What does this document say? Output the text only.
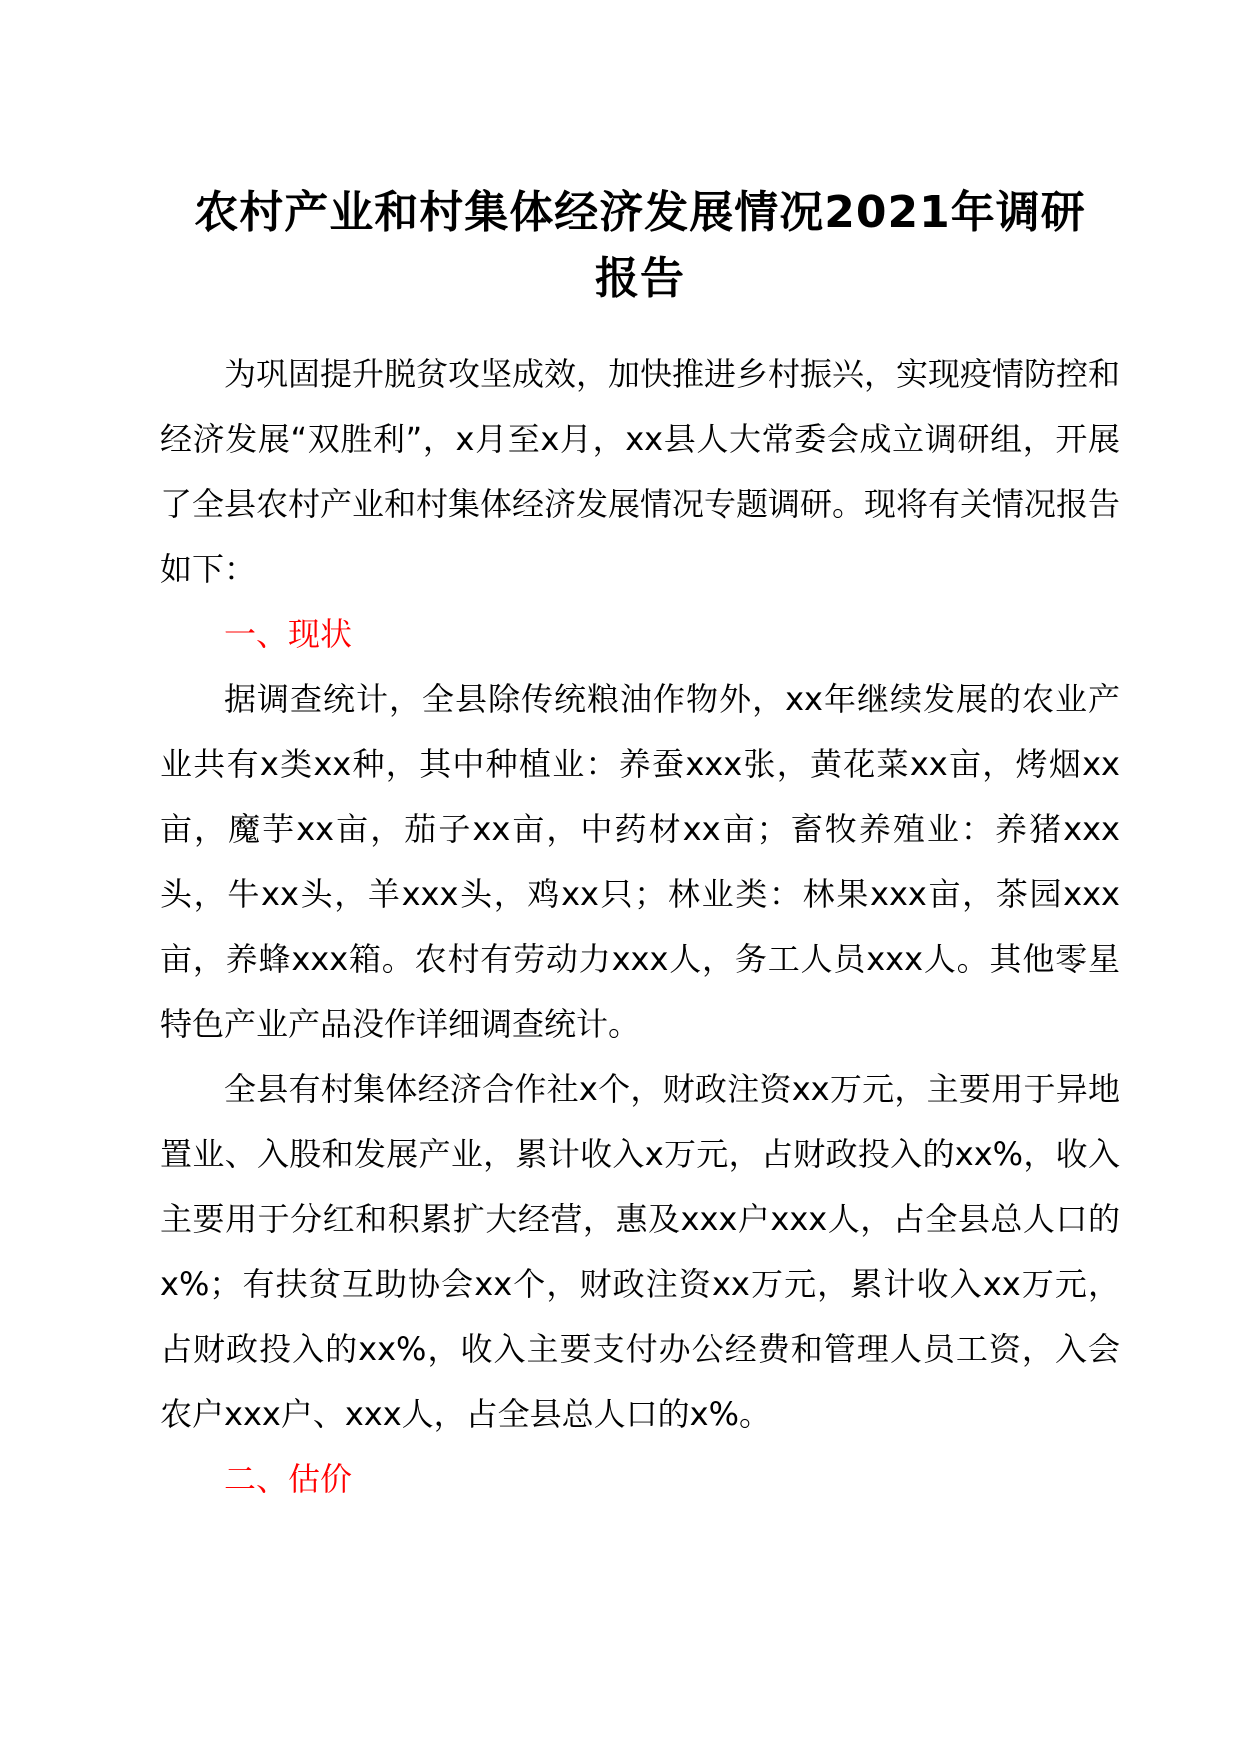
农村产业和村集体经济发展情况2021年调研
报告

为巩固提升脱贫攻坚成效，加快推进乡村振兴，实现疫情防控和经济发展“双胜利”，x月至x月，xx县人大常委会成立调研组，开展了全县农村产业和村集体经济发展情况专题调研。现将有关情况报告如下：

一、现状

据调查统计，全县除传统粮油作物外，xx年继续发展的农业产业共有x类xx种，其中种植业：养蚕xxx张，黄花菜xx亩，烤烟xx亩，魔芋xx亩，茄子xx亩，中药材xx亩；畜牧养殖业：养猪xxx头，牛xx头，羊xxx头，鸡xx只；林业类：林果xxx亩，茶园xxx亩，养蜂xxx箱。农村有劳动力xxx人，务工人员xxx人。其他零星特色产业产品没作详细调查统计。

全县有村集体经济合作社x个，财政注资xx万元，主要用于异地置业、入股和发展产业，累计收入x万元，占财政投入的xx%，收入主要用于分红和积累扩大经营，惠及xxx户xxx人，占全县总人口的x%；有扶贫互助协会xx个，财政注资xx万元，累计收入xx万元，占财政投入的xx%，收入主要支付办公经费和管理人员工资，入会农户xxx户、xxx人，占全县总人口的x%。

二、估价
